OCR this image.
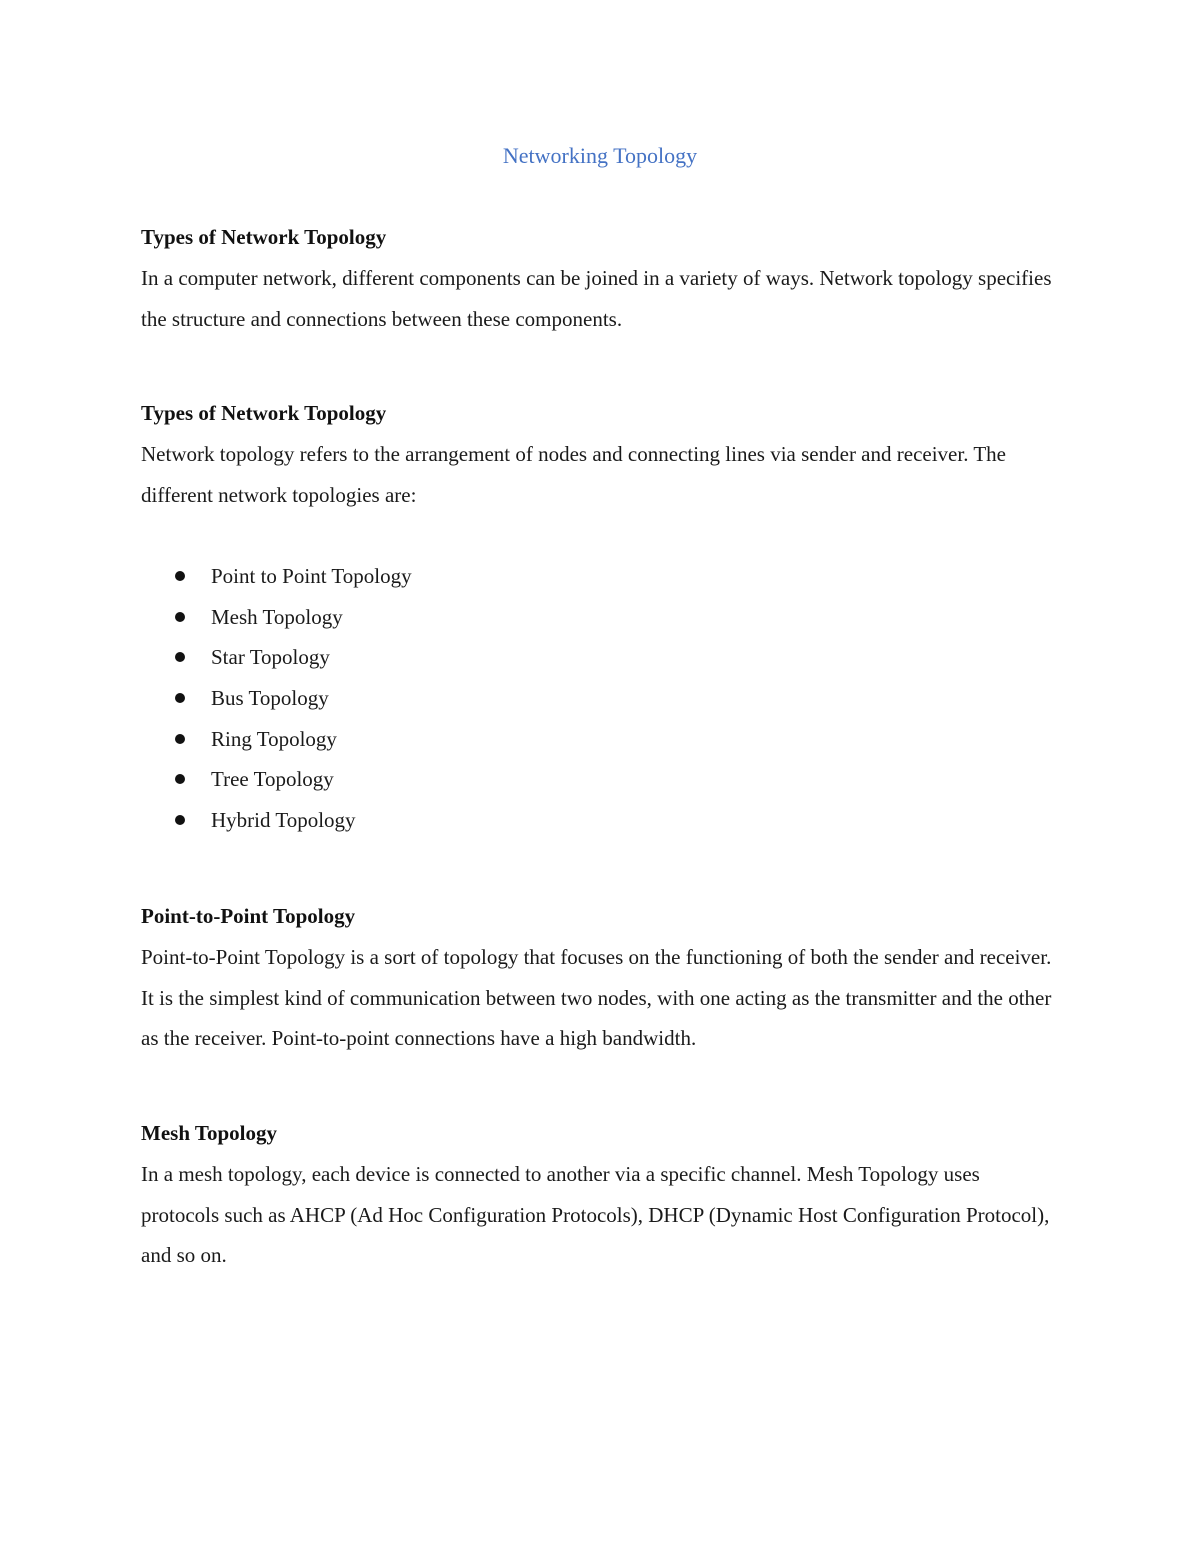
Networking Topology
Types of Network Topology

In a computer network, different components can be joined in a variety of ways. Network topology specifies the structure and connections between these components.

Types of Network Topology

Network topology refers to the arrangement of nodes and connecting lines via sender and receiver. The different network topologies are:

Point to Point Topology
Mesh Topology
Star Topology
Bus Topology
Ring Topology
Tree Topology
Hybrid Topology
Point-to-Point Topology

Point-to-Point Topology is a sort of topology that focuses on the functioning of both the sender and receiver. It is the simplest kind of communication between two nodes, with one acting as the transmitter and the other as the receiver. Point-to-point connections have a high bandwidth.

Mesh Topology

In a mesh topology, each device is connected to another via a specific channel. Mesh Topology uses protocols such as AHCP (Ad Hoc Configuration Protocols), DHCP (Dynamic Host Configuration Protocol), and so on.
